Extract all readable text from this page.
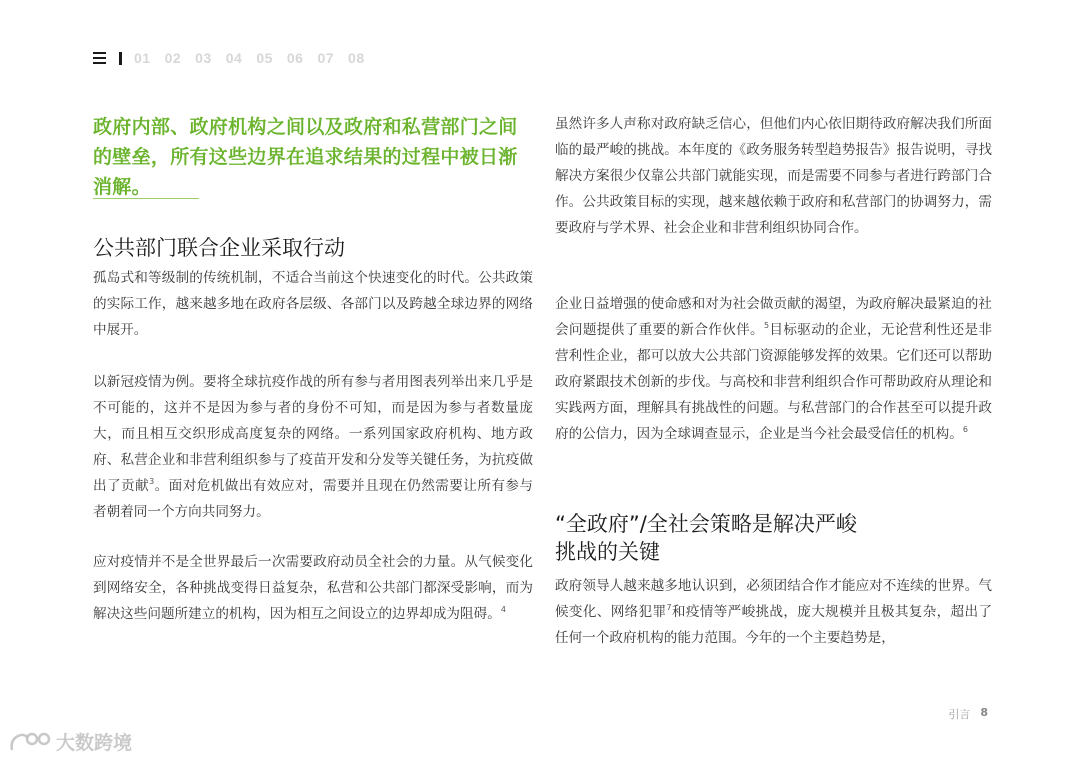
01 02 03 04 05 06 07 08
政府内部、政府机构之间以及政府和私营部门之间的壁垒，所有这些边界在追求结果的过程中被日渐消解。
公共部门联合企业采取行动

孤岛式和等级制的传统机制，不适合当前这个快速变化的时代。公共政策的实际工作，越来越多地在政府各层级、各部门以及跨越全球边界的网络中展开。

以新冠疫情为例。要将全球抗疫作战的所有参与者用图表列举出来几乎是不可能的，这并不是因为参与者的身份不可知，而是因为参与者数量庞大，而且相互交织形成高度复杂的网络。一系列国家政府机构、地方政府、私营企业和非营利组织参与了疫苗开发和分发等关键任务，为抗疫做出了贡献$^3$。面对危机做出有效应对，需要并且现在仍然需要让所有参与者朝着同一个方向共同努力。

应对疫情并不是全世界最后一次需要政府动员全社会的力量。从气候变化到网络安全，各种挑战变得日益复杂，私营和公共部门都深受影响，而为解决这些问题所建立的机构，因为相互之间设立的边界却成为阻碍。$^4$

虽然许多人声称对政府缺乏信心，但他们内心依旧期待政府解决我们所面临的最严峻的挑战。本年度的《政务服务转型趋势报告》报告说明，寻找解决方案很少仅靠公共部门就能实现，而是需要不同参与者进行跨部门合作。公共政策目标的实现，越来越依赖于政府和私营部门的协调努力，需要政府与学术界、社会企业和非营利组织协同合作。

企业日益增强的使命感和对为社会做贡献的渴望，为政府解决最紧迫的社会问题提供了重要的新合作伙伴。$^5$目标驱动的企业，无论营利性还是非营利性企业，都可以放大公共部门资源能够发挥的效果。它们还可以帮助政府紧跟技术创新的步伐。与高校和非营利组织合作可帮助政府从理论和实践两方面，理解具有挑战性的问题。与私营部门的合作甚至可以提升政府的公信力，因为全球调查显示，企业是当今社会最受信任的机构。$^6$

“全政府”/全社会策略是解决严峻挑战的关键

政府领导人越来越多地认识到，必须团结合作才能应对不连续的世界。气候变化、网络犯罪$^7$和疫情等严峻挑战，庞大规模并且极其复杂，超出了任何一个政府机构的能力范围。今年的一个主要趋势是，

引言 8
大数跨境
